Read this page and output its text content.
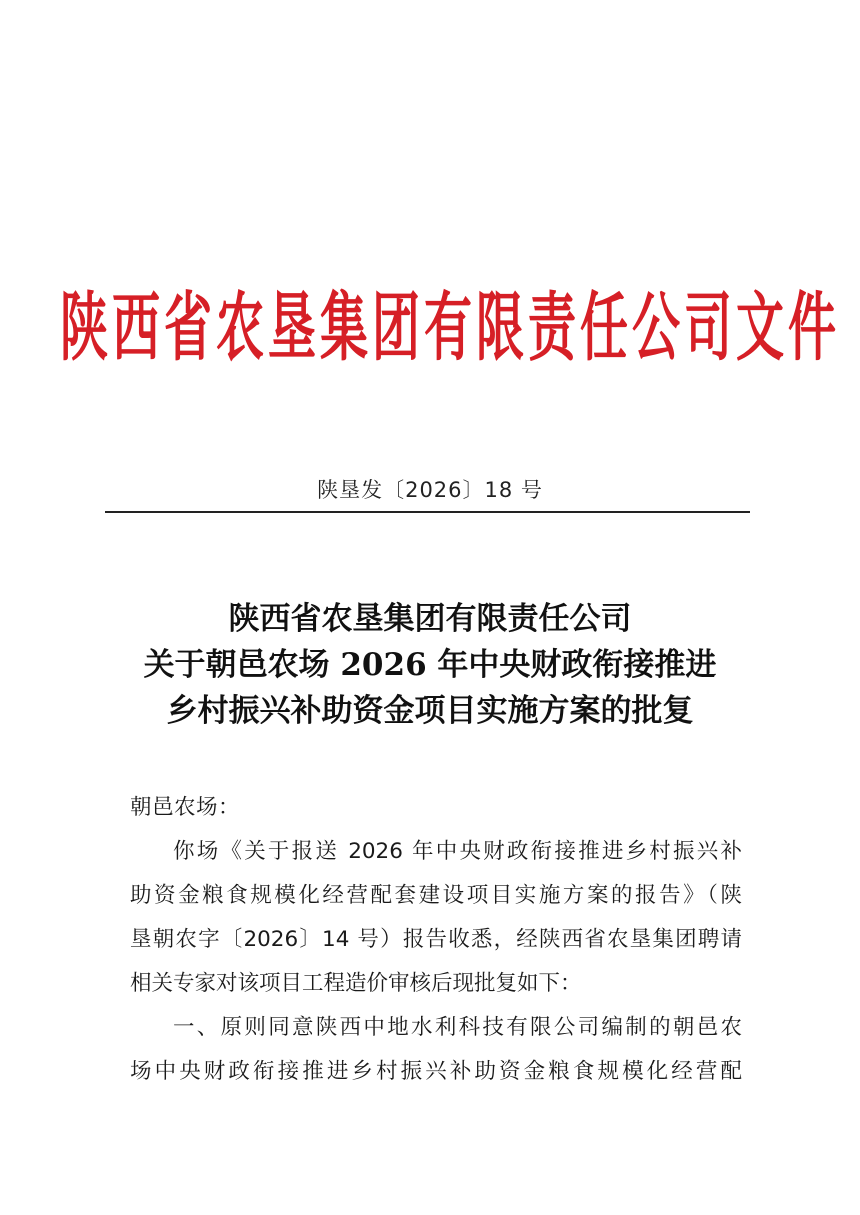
陕西省农垦集团有限责任公司文件
陕垦发〔2026〕18 号
陕西省农垦集团有限责任公司
关于朝邑农场 2026 年中央财政衔接推进
乡村振兴补助资金项目实施方案的批复
朝邑农场：
你场《关于报送 2026 年中央财政衔接推进乡村振兴补
助资金粮食规模化经营配套建设项目实施方案的报告》（陕
垦朝农字〔2026〕14 号）报告收悉，经陕西省农垦集团聘请
相关专家对该项目工程造价审核后现批复如下：
一、原则同意陕西中地水利科技有限公司编制的朝邑农
场中央财政衔接推进乡村振兴补助资金粮食规模化经营配
